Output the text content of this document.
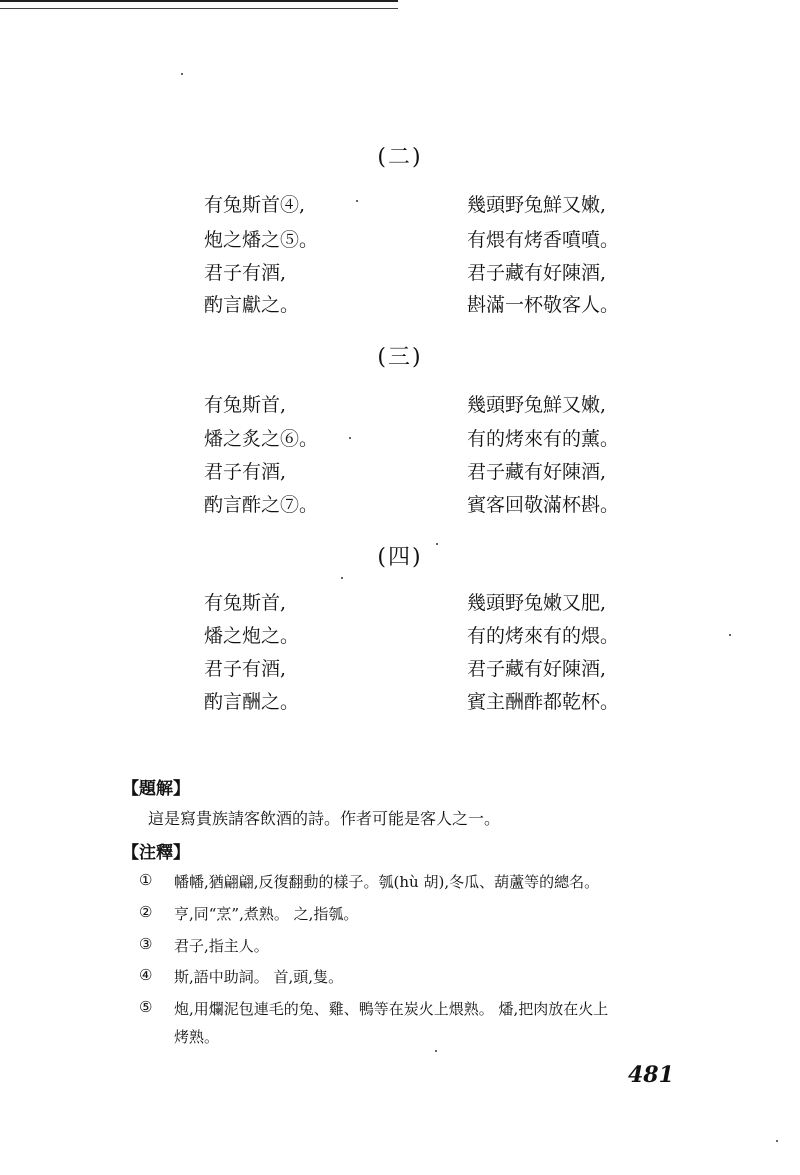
(二)
有兔斯首④,
炮之燔之⑤。
君子有酒,
酌言獻之。
幾頭野兔鮮又嫩,
有煨有烤香噴噴。
君子藏有好陳酒,
斟滿一杯敬客人。
(三)
有兔斯首,
燔之炙之⑥。
君子有酒,
酌言酢之⑦。
幾頭野兔鮮又嫩,
有的烤來有的薰。
君子藏有好陳酒,
賓客回敬滿杯斟。
(四)
有兔斯首,
燔之炮之。
君子有酒,
酌言酬之。
幾頭野兔嫩又肥,
有的烤來有的煨。
君子藏有好陳酒,
賓主酬酢都乾杯。
【題解】
這是寫貴族請客飲酒的詩。作者可能是客人之一。
【注釋】
① 幡幡,猶翩翩,反復翻動的樣子。瓠(hù 胡),冬瓜、葫蘆等的總名。
② 亨,同“烹”,煮熟。 之,指瓠。
③ 君子,指主人。
④ 斯,語中助詞。 首,頭,隻。
⑤ 炮,用爛泥包連毛的兔、雞、鴨等在炭火上煨熟。 燔,把肉放在火上
烤熟。
481
